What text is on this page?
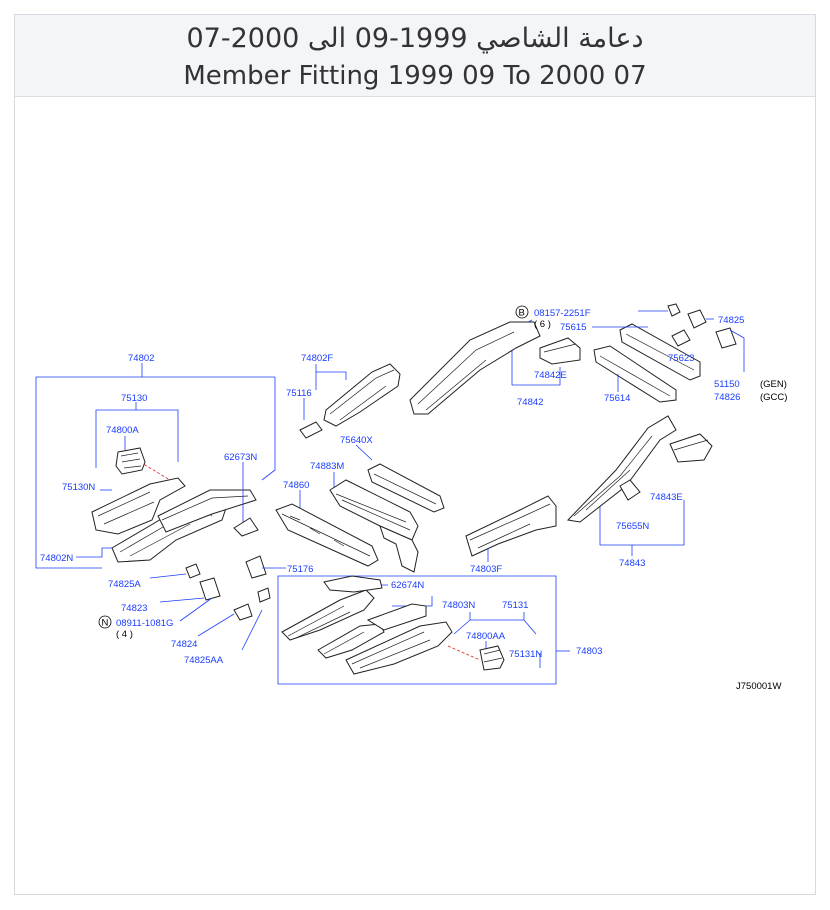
دعامة الشاصي 1999-09 الى 2000-07
Member Fitting 1999 09 To 2000 07
74802
75130
74800A
75130N
74802N
62673N
74802F
75116
75640X
74883M
74860
B 08157-2251F
( 6 ) 75615
74842E
74842	75614
74825
75623
51150 (GEN)
74826 (GCC)
74843E
75655N
74843
74803F
74825A
74823
N 08911-1081G
( 4 )
74824
74825AA
75176
62674N
74803N	75131
74800AA
75131N	74803
J750001W
